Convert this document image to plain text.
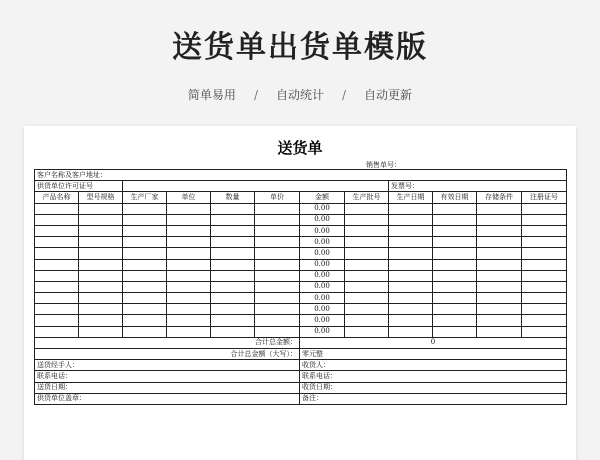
送货单出货单模版
简单易用 / 自动统计 / 自动更新
送货单
销售单号：
客户名称及客户地址：											
供货单位许可证号								发票号：			
产品名称	型号规格	生产厂家	单位	数量	单价	金额	生产批号	生产日期	有效日期	存储条件	注册证号
						0.00					
						0.00					
						0.00					
						0.00					
						0.00					
						0.00					
						0.00					
						0.00					
						0.00					
						0.00					
						0.00					
						0.00					
合计总金额：						0					
合计总金额（大写）：						零元整					
送货经手人：						收货人：					
联系电话：						联系电话：					
送货日期：						收货日期：					
供货单位盖章：						备注：					
